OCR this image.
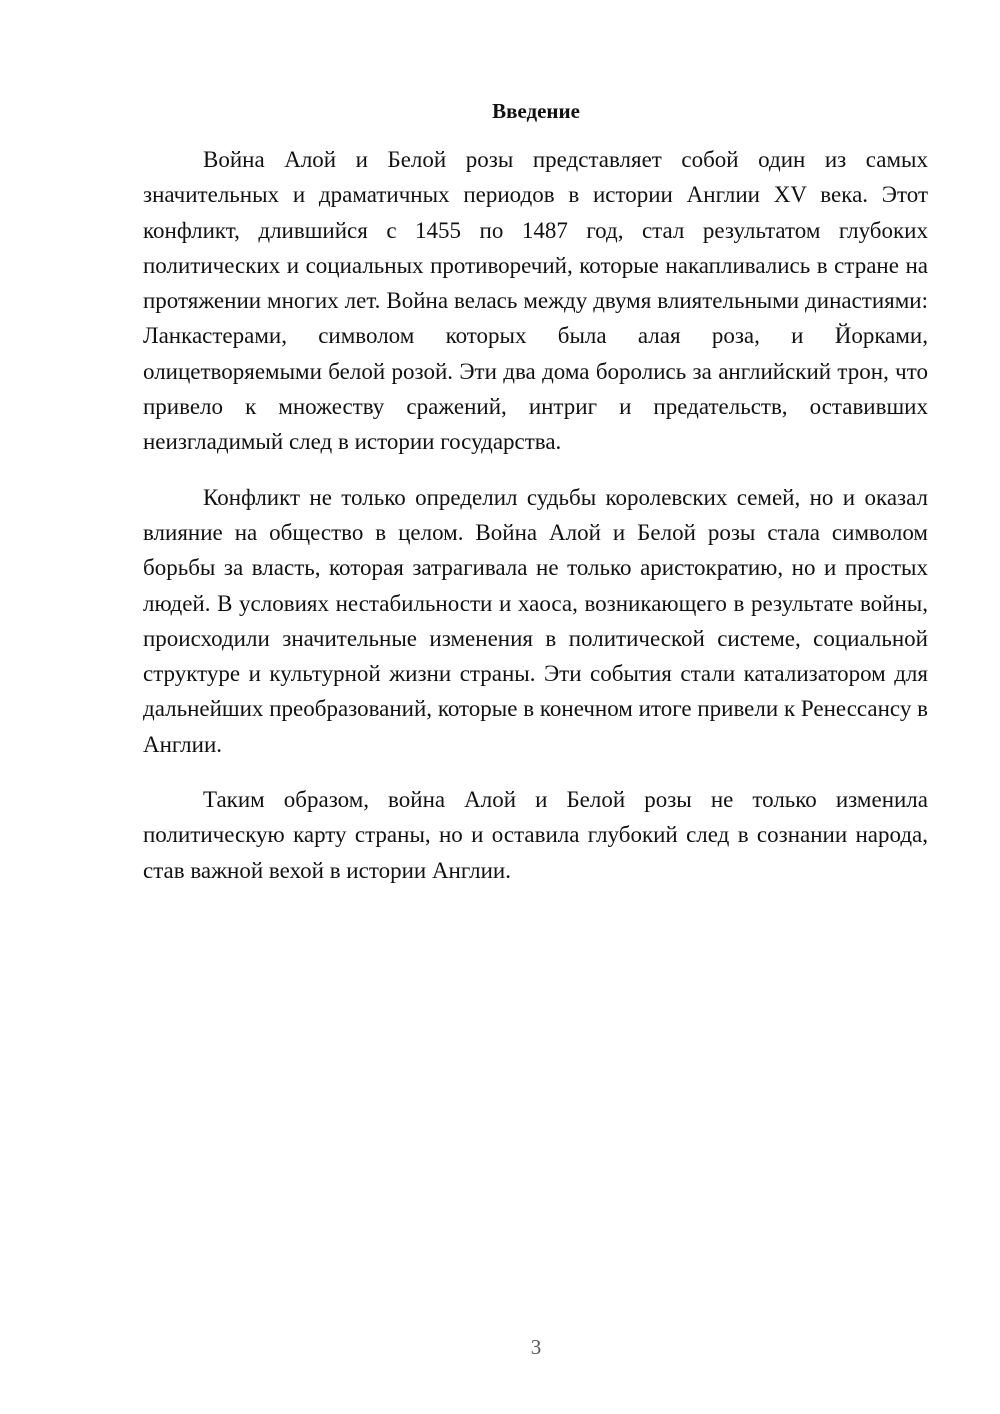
Введение

Война Алой и Белой розы представляет собой один из самых значительных и драматичных периодов в истории Англии XV века. Этот конфликт, длившийся с 1455 по 1487 год, стал результатом глубоких политических и социальных противоречий, которые накапливались в стране на протяжении многих лет. Война велась между двумя влиятельными династиями: Ланкастерами, символом которых была алая роза, и Йорками, олицетворяемыми белой розой. Эти два дома боролись за английский трон, что привело к множеству сражений, интриг и предательств, оставивших неизгладимый след в истории государства.

Конфликт не только определил судьбы королевских семей, но и оказал влияние на общество в целом. Война Алой и Белой розы стала символом борьбы за власть, которая затрагивала не только аристократию, но и простых людей. В условиях нестабильности и хаоса, возникающего в результате войны, происходили значительные изменения в политической системе, социальной структуре и культурной жизни страны. Эти события стали катализатором для дальнейших преобразований, которые в конечном итоге привели к Ренессансу в Англии.

Таким образом, война Алой и Белой розы не только изменила политическую карту страны, но и оставила глубокий след в сознании народа, став важной вехой в истории Англии.

3
